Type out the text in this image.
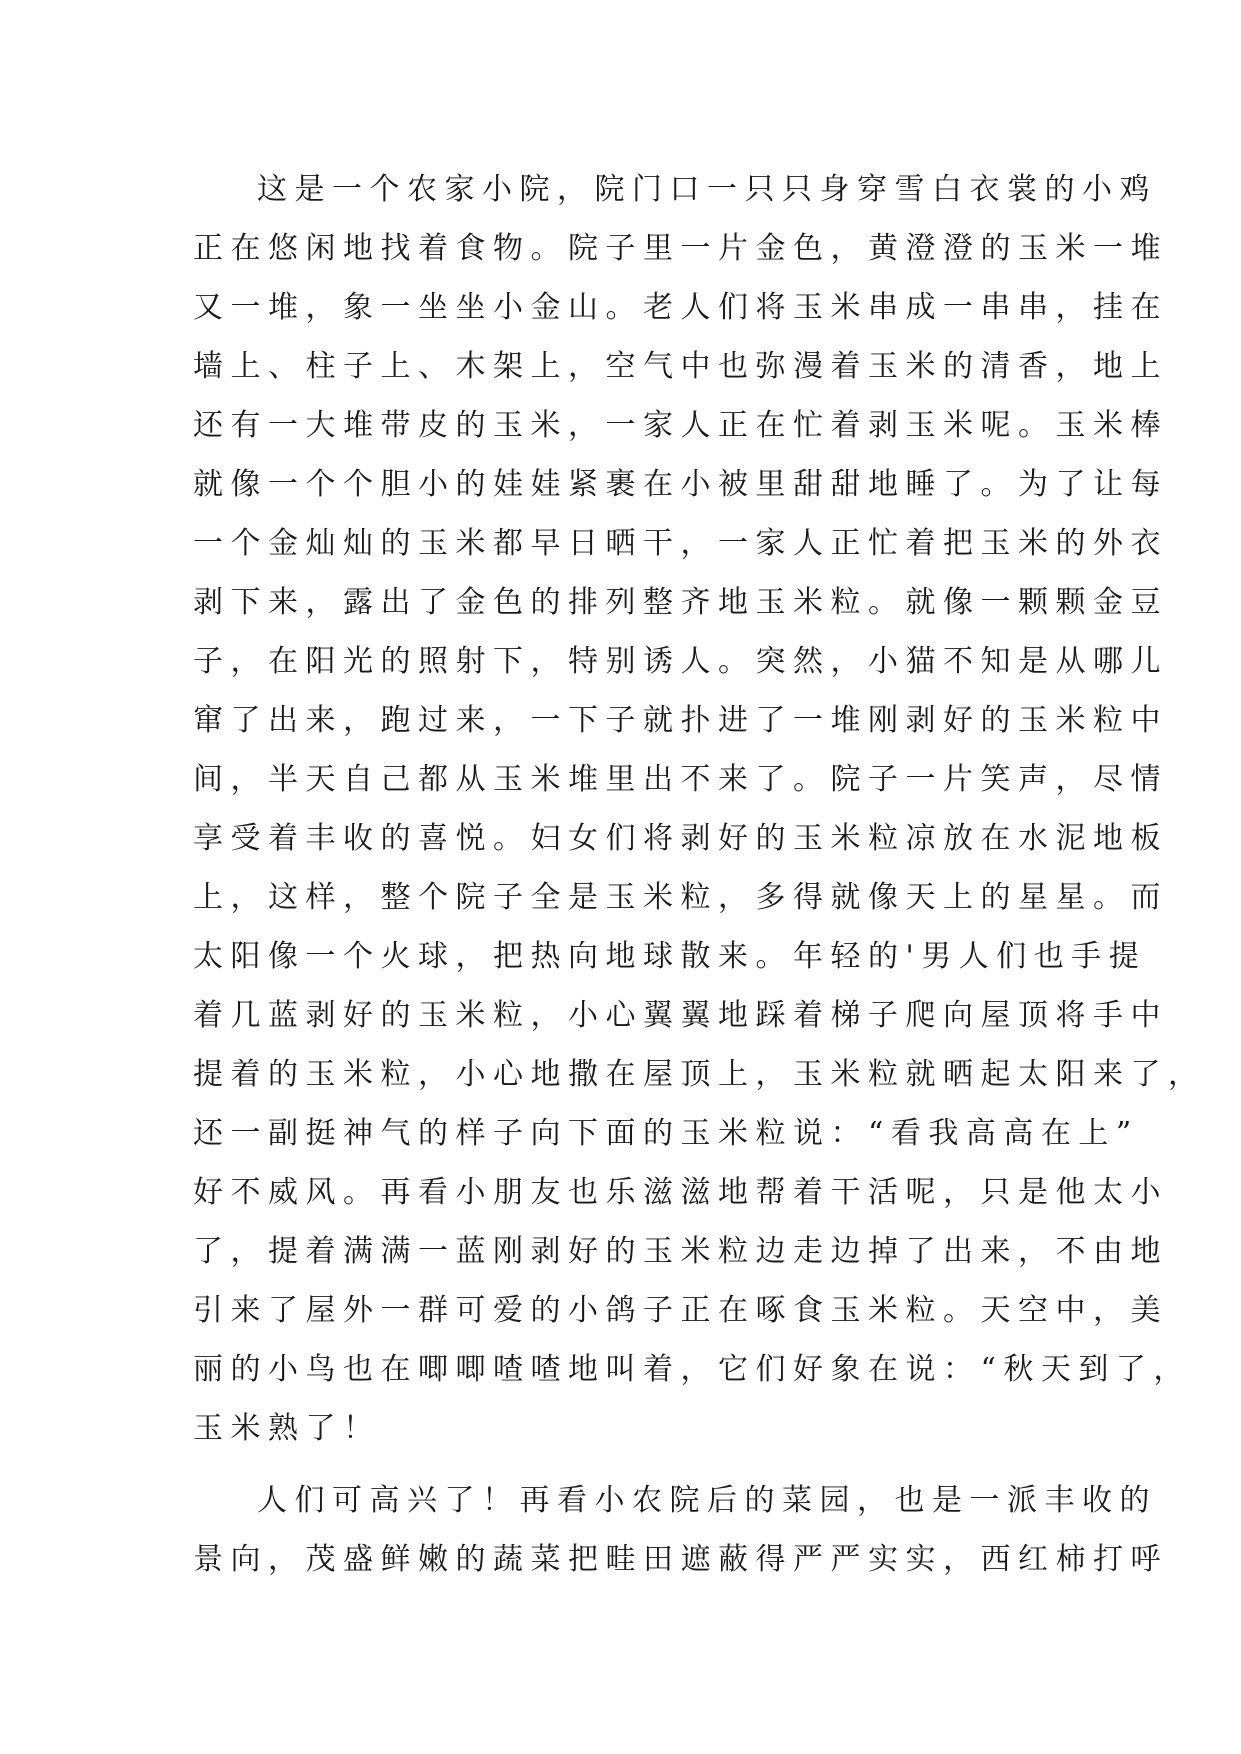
这是一个农家小院，院门口一只只身穿雪白衣裳的小鸡
正在悠闲地找着食物。院子里一片金色，黄澄澄的玉米一堆
又一堆，象一坐坐小金山。老人们将玉米串成一串串，挂在
墙上、柱子上、木架上，空气中也弥漫着玉米的清香，地上
还有一大堆带皮的玉米，一家人正在忙着剥玉米呢。玉米棒
就像一个个胆小的娃娃紧裹在小被里甜甜地睡了。为了让每
一个金灿灿的玉米都早日晒干，一家人正忙着把玉米的外衣
剥下来，露出了金色的排列整齐地玉米粒。就像一颗颗金豆
子，在阳光的照射下，特别诱人。突然，小猫不知是从哪儿
窜了出来，跑过来，一下子就扑进了一堆刚剥好的玉米粒中
间，半天自己都从玉米堆里出不来了。院子一片笑声，尽情
享受着丰收的喜悦。妇女们将剥好的玉米粒凉放在水泥地板
上，这样，整个院子全是玉米粒，多得就像天上的星星。而
太阳像一个火球，把热向地球散来。年轻的'男人们也手提
着几蓝剥好的玉米粒，小心翼翼地踩着梯子爬向屋顶将手中
提着的玉米粒，小心地撒在屋顶上，玉米粒就晒起太阳来了，
还一副挺神气的样子向下面的玉米粒说：“看我高高在上”
好不威风。再看小朋友也乐滋滋地帮着干活呢，只是他太小
了，提着满满一蓝刚剥好的玉米粒边走边掉了出来，不由地
引来了屋外一群可爱的小鸽子正在啄食玉米粒。天空中，美
丽的小鸟也在唧唧喳喳地叫着，它们好象在说：“秋天到了，
玉米熟了！
人们可高兴了！再看小农院后的菜园，也是一派丰收的
景向，茂盛鲜嫩的蔬菜把畦田遮蔽得严严实实，西红柿打呼
